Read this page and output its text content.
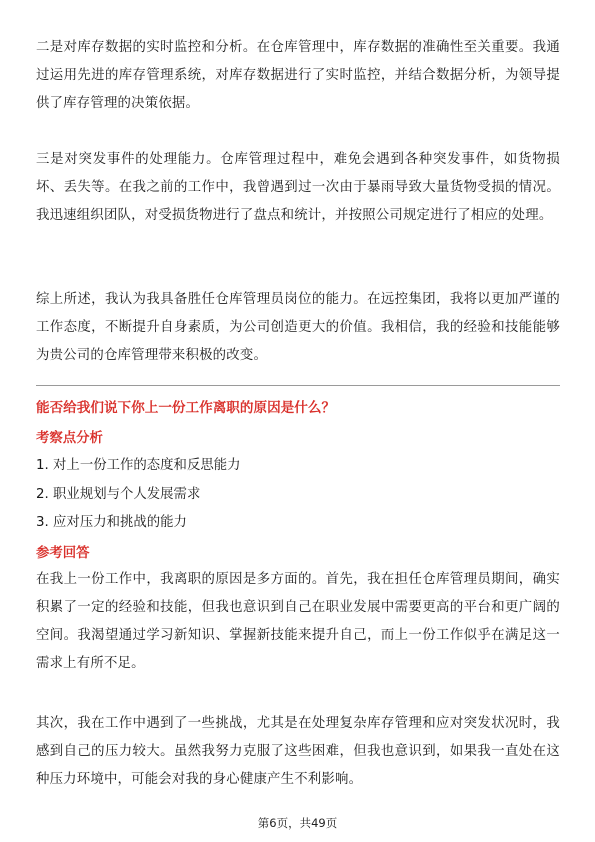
二是对库存数据的实时监控和分析。在仓库管理中，库存数据的准确性至关重要。我通过运用先进的库存管理系统，对库存数据进行了实时监控，并结合数据分析，为领导提供了库存管理的决策依据。

三是对突发事件的处理能力。仓库管理过程中，难免会遇到各种突发事件，如货物损坏、丢失等。在我之前的工作中，我曾遇到过一次由于暴雨导致大量货物受损的情况。我迅速组织团队，对受损货物进行了盘点和统计，并按照公司规定进行了相应的处理。

综上所述，我认为我具备胜任仓库管理员岗位的能力。在远控集团，我将以更加严谨的工作态度，不断提升自身素质，为公司创造更大的价值。我相信，我的经验和技能能够为贵公司的仓库管理带来积极的改变。

能否给我们说下你上一份工作离职的原因是什么？

考察点分析

1. 对上一份工作的态度和反思能力

2. 职业规划与个人发展需求

3. 应对压力和挑战的能力

参考回答

在我上一份工作中，我离职的原因是多方面的。首先，我在担任仓库管理员期间，确实积累了一定的经验和技能，但我也意识到自己在职业发展中需要更高的平台和更广阔的空间。我渴望通过学习新知识、掌握新技能来提升自己，而上一份工作似乎在满足这一需求上有所不足。

其次，我在工作中遇到了一些挑战，尤其是在处理复杂库存管理和应对突发状况时，我感到自己的压力较大。虽然我努力克服了这些困难，但我也意识到，如果我一直处在这种压力环境中，可能会对我的身心健康产生不利影响。

第6页，共49页
